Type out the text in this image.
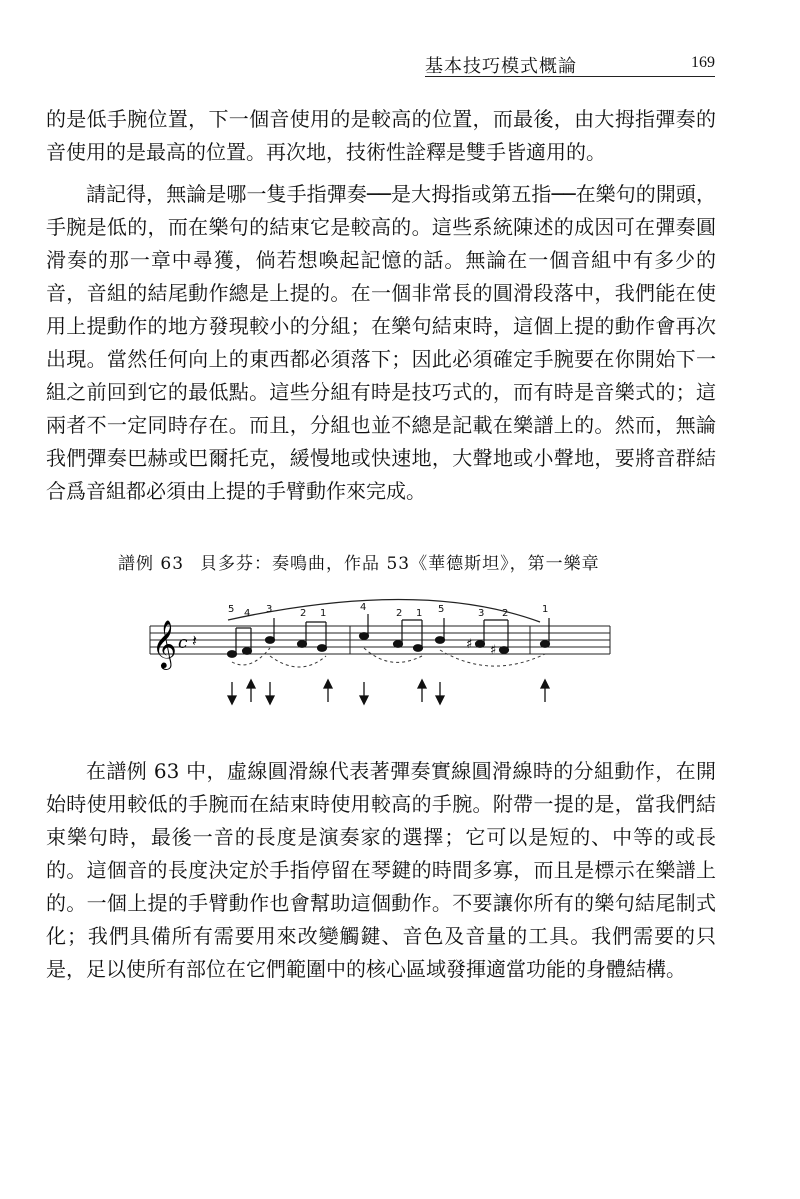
基本技巧模式概論	169

的是低手腕位置，下一個音使用的是較高的位置，而最後，由大拇指彈奏的音使用的是最高的位置。再次地，技術性詮釋是雙手皆適用的。

請記得，無論是哪一隻手指彈奏──是大拇指或第五指──在樂句的開頭，手腕是低的，而在樂句的結束它是較高的。這些系統陳述的成因可在彈奏圓滑奏的那一章中尋獲，倘若想喚起記憶的話。無論在一個音組中有多少的音，音組的結尾動作總是上提的。在一個非常長的圓滑段落中，我們能在使用上提動作的地方發現較小的分組；在樂句結束時，這個上提的動作會再次出現。當然任何向上的東西都必須落下；因此必須確定手腕要在你開始下一組之前回到它的最低點。這些分組有時是技巧式的，而有時是音樂式的；這兩者不一定同時存在。而且，分組也並不總是記載在樂譜上的。然而，無論我們彈奏巴赫或巴爾托克，緩慢地或快速地，大聲地或小聲地，要將音群結合爲音組都必須由上提的手臂動作來完成。

譜例 63 貝多芬：奏鳴曲，作品 53《華德斯坦》，第一樂章
𝄞 c 𝄽	♯ ♯
5 4 3	2 1
4
2 1 5	3 2	1

在譜例 63 中，虛線圓滑線代表著彈奏實線圓滑線時的分組動作，在開始時使用較低的手腕而在結束時使用較高的手腕。附帶一提的是，當我們結束樂句時，最後一音的長度是演奏家的選擇；它可以是短的、中等的或長的。這個音的長度決定於手指停留在琴鍵的時間多寡，而且是標示在樂譜上的。一個上提的手臂動作也會幫助這個動作。不要讓你所有的樂句結尾制式化；我們具備所有需要用來改變觸鍵、音色及音量的工具。我們需要的只是，足以使所有部位在它們範圍中的核心區域發揮適當功能的身體結構。
